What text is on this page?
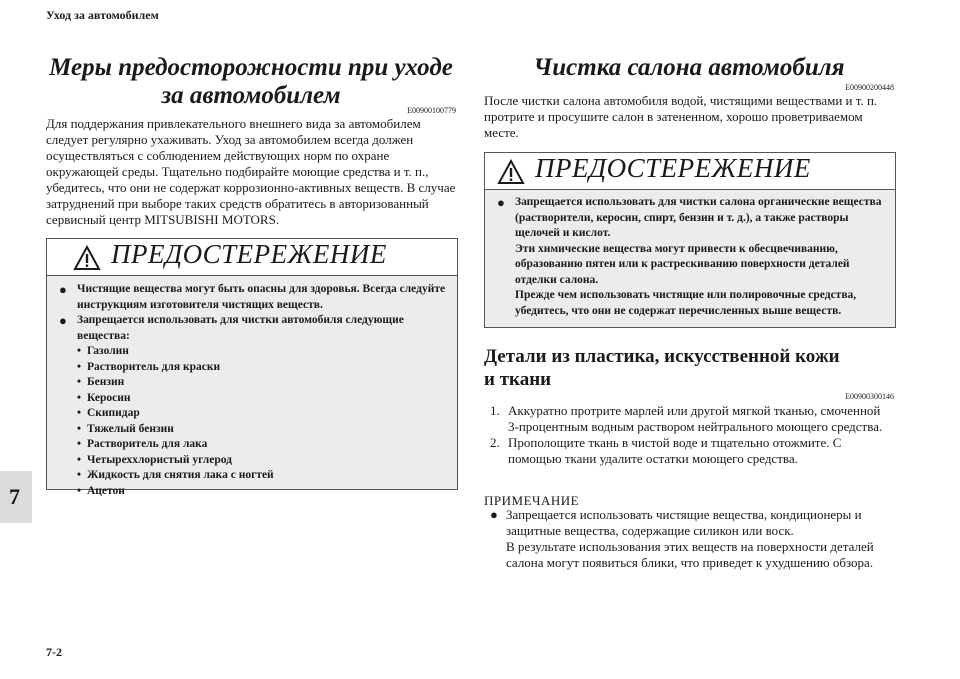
Уход за автомобилем
7
7-2
Меры предосторожности при уходе за автомобилем
E00900100779
Для поддержания привлекательного внешнего вида за автомобилем следует регулярно ухаживать. Уход за автомобилем всегда должен осуществляться с соблюдением действующих норм по охране окружающей среды. Тщательно подбирайте моющие средства и т. п., убедитесь, что они не содержат коррозионно-активных веществ. В случае затруднений при выборе таких средств обратитесь в авторизованный сервисный центр MITSUBISHI MOTORS.
ПРЕДОСТЕРЕЖЕНИЕ
● Чистящие вещества могут быть опасны для здоровья. Всегда следуйте инструкциям изготовителя чистящих веществ.
● Запрещается использовать для чистки автомобиля следующие вещества:
• Газолин
• Растворитель для краски
• Бензин
• Керосин
• Скипидар
• Тяжелый бензин
• Растворитель для лака
• Четыреххлористый углерод
• Жидкость для снятия лака с ногтей
• Ацетон
Чистка салона автомобиля
E00900200448
После чистки салона автомобиля водой, чистящими веществами и т. п. протрите и просушите салон в затененном, хорошо проветриваемом месте.
ПРЕДОСТЕРЕЖЕНИЕ
● Запрещается использовать для чистки салона органические вещества (растворители, керосин, спирт, бензин и т. д.), а также растворы щелочей и кислот.
Эти химические вещества могут привести к обесцвечиванию, образованию пятен или к растрескиванию поверхности деталей отделки салона.
Прежде чем использовать чистящие или полировочные средства, убедитесь, что они не содержат перечисленных выше веществ.
Детали из пластика, искусственной кожи
и ткани
E00900300146
1. Аккуратно протрите марлей или другой мягкой тканью, смоченной 3-процентным водным раствором нейтрального моющего средства.
2. Прополощите ткань в чистой воде и тщательно отожмите. С помощью ткани удалите остатки моющего средства.
ПРИМЕЧАНИЕ
● Запрещается использовать чистящие вещества, кондиционеры и защитные вещества, содержащие силикон или воск.
В результате использования этих веществ на поверхности деталей салона могут появиться блики, что приведет к ухудшению обзора.
